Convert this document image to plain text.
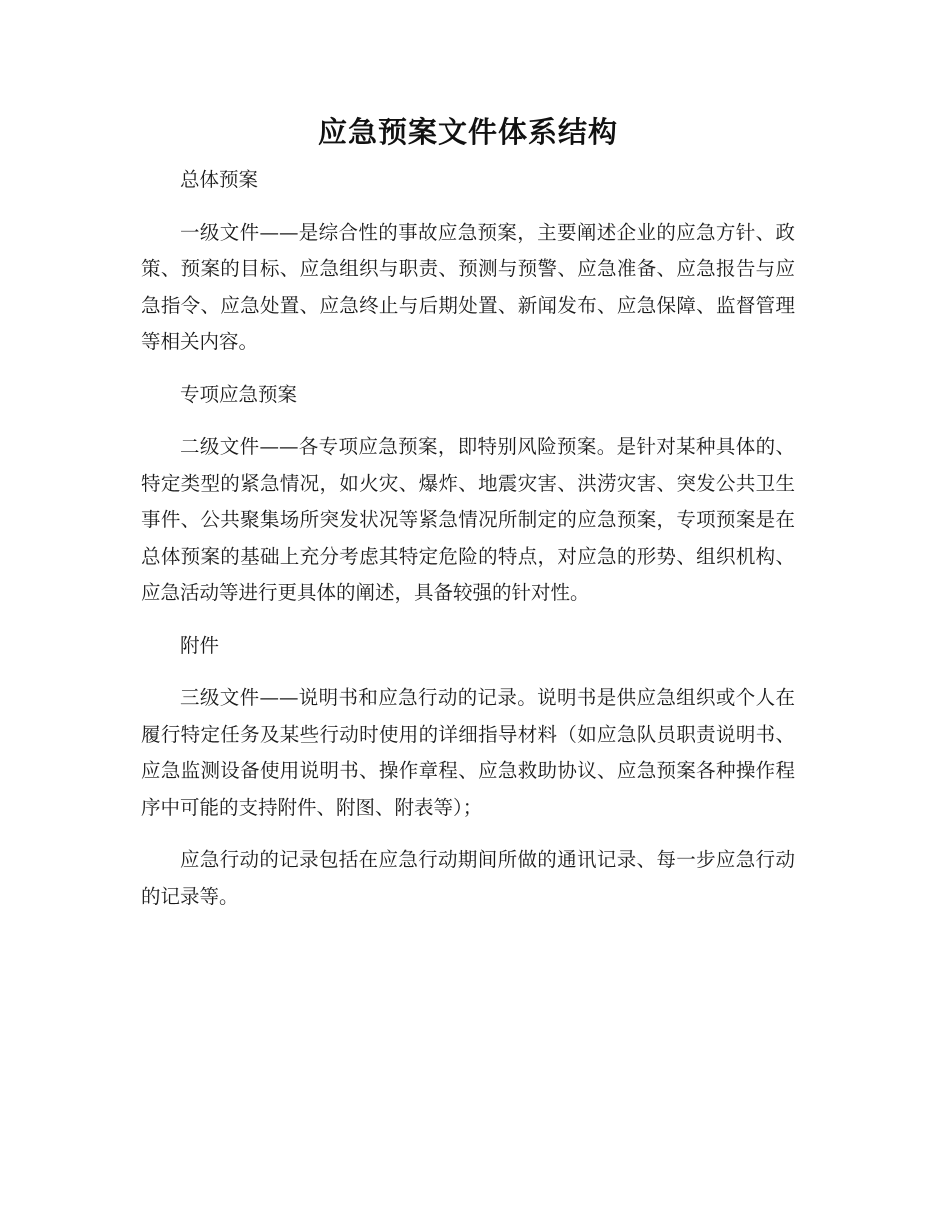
应急预案文件体系结构

总体预案

一级文件——是综合性的事故应急预案，主要阐述企业的应急方针、政策、预案的目标、应急组织与职责、预测与预警、应急准备、应急报告与应急指令、应急处置、应急终止与后期处置、新闻发布、应急保障、监督管理等相关内容。

专项应急预案

二级文件——各专项应急预案，即特别风险预案。是针对某种具体的、特定类型的紧急情况，如火灾、爆炸、地震灾害、洪涝灾害、突发公共卫生事件、公共聚集场所突发状况等紧急情况所制定的应急预案，专项预案是在总体预案的基础上充分考虑其特定危险的特点，对应急的形势、组织机构、应急活动等进行更具体的阐述，具备较强的针对性。

附件

三级文件——说明书和应急行动的记录。说明书是供应急组织或个人在履行特定任务及某些行动时使用的详细指导材料（如应急队员职责说明书、应急监测设备使用说明书、操作章程、应急救助协议、应急预案各种操作程序中可能的支持附件、附图、附表等）；

应急行动的记录包括在应急行动期间所做的通讯记录、每一步应急行动的记录等。
